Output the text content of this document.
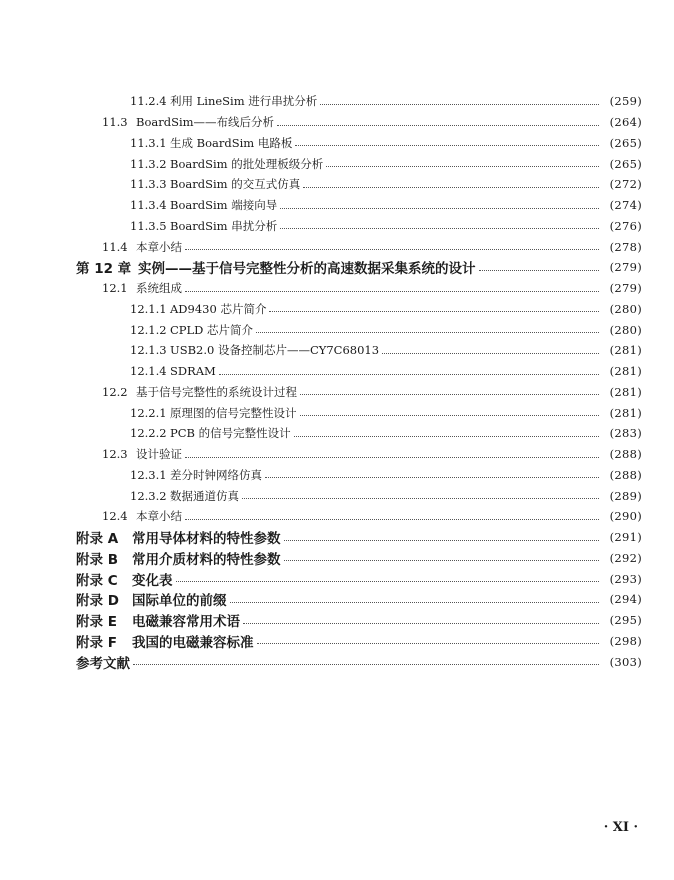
11.2.4 利用 LineSim 进行串扰分析	(259)
11.3 BoardSim——布线后分析	(264)
11.3.1 生成 BoardSim 电路板	(265)
11.3.2 BoardSim 的批处理板级分析	(265)
11.3.3 BoardSim 的交互式仿真	(272)
11.3.4 BoardSim 端接向导	(274)
11.3.5 BoardSim 串扰分析	(276)
11.4 本章小结	(278)
第 12 章 实例——基于信号完整性分析的高速数据采集系统的设计	(279)
12.1 系统组成	(279)
12.1.1 AD9430 芯片简介	(280)
12.1.2 CPLD 芯片简介	(280)
12.1.3 USB2.0 设备控制芯片——CY7C68013	(281)
12.1.4 SDRAM	(281)
12.2 基于信号完整性的系统设计过程	(281)
12.2.1 原理图的信号完整性设计	(281)
12.2.2 PCB 的信号完整性设计	(283)
12.3 设计验证	(288)
12.3.1 差分时钟网络仿真	(288)
12.3.2 数据通道仿真	(289)
12.4 本章小结	(290)
附录 A	常用导体材料的特性参数	(291)
附录 B	常用介质材料的特性参数	(292)
附录 C	变化表	(293)
附录 D 国际单位的前缀	(294)
附录 E	电磁兼容常用术语	(295)
附录 F	我国的电磁兼容标准	(298)
参考文献	(303)
· XI ·
